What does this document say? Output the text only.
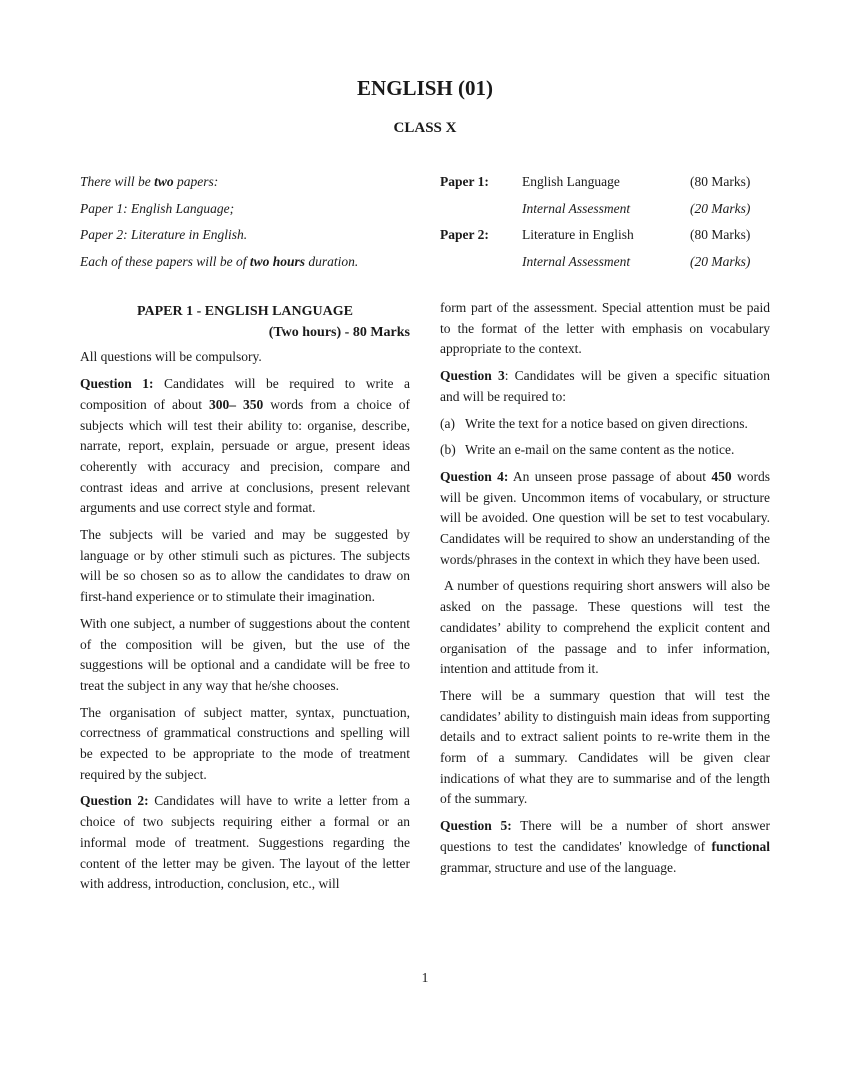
ENGLISH (01)
CLASS X
There will be two papers:
Paper 1: English Language;
Paper 2: Literature in English.
Each of these papers will be of two hours duration.
Paper 1: English Language	(80 Marks)
Internal Assessment	(20 Marks)
Paper 2: Literature in English	(80 Marks)
Internal Assessment	(20 Marks)
PAPER 1 - ENGLISH LANGUAGE
(Two hours) - 80 Marks

All questions will be compulsory.

Question 1: Candidates will be required to write a composition of about 300– 350 words from a choice of subjects which will test their ability to: organise, describe, narrate, report, explain, persuade or argue, present ideas coherently with accuracy and precision, compare and contrast ideas and arrive at conclusions, present relevant arguments and use correct style and format.

The subjects will be varied and may be suggested by language or by other stimuli such as pictures. The subjects will be so chosen so as to allow the candidates to draw on first-hand experience or to stimulate their imagination.

With one subject, a number of suggestions about the content of the composition will be given, but the use of the suggestions will be optional and a candidate will be free to treat the subject in any way that he/she chooses.

The organisation of subject matter, syntax, punctuation, correctness of grammatical constructions and spelling will be expected to be appropriate to the mode of treatment required by the subject.

Question 2: Candidates will have to write a letter from a choice of two subjects requiring either a formal or an informal mode of treatment. Suggestions regarding the content of the letter may be given. The layout of the letter with address, introduction, conclusion, etc., will

form part of the assessment. Special attention must be paid to the format of the letter with emphasis on vocabulary appropriate to the context.

Question 3: Candidates will be given a specific situation and will be required to:

(a) Write the text for a notice based on given directions.
(b) Write an e-mail on the same content as the notice.

Question 4: An unseen prose passage of about 450 words will be given. Uncommon items of vocabulary, or structure will be avoided. One question will be set to test vocabulary. Candidates will be required to show an understanding of the words/phrases in the context in which they have been used.

A number of questions requiring short answers will also be asked on the passage. These questions will test the candidates’ ability to comprehend the explicit content and organisation of the passage and to infer information, intention and attitude from it.

There will be a summary question that will test the candidates’ ability to distinguish main ideas from supporting details and to extract salient points to re-write them in the form of a summary. Candidates will be given clear indications of what they are to summarise and of the length of the summary.

Question 5: There will be a number of short answer questions to test the candidates' knowledge of functional grammar, structure and use of the language.

1
